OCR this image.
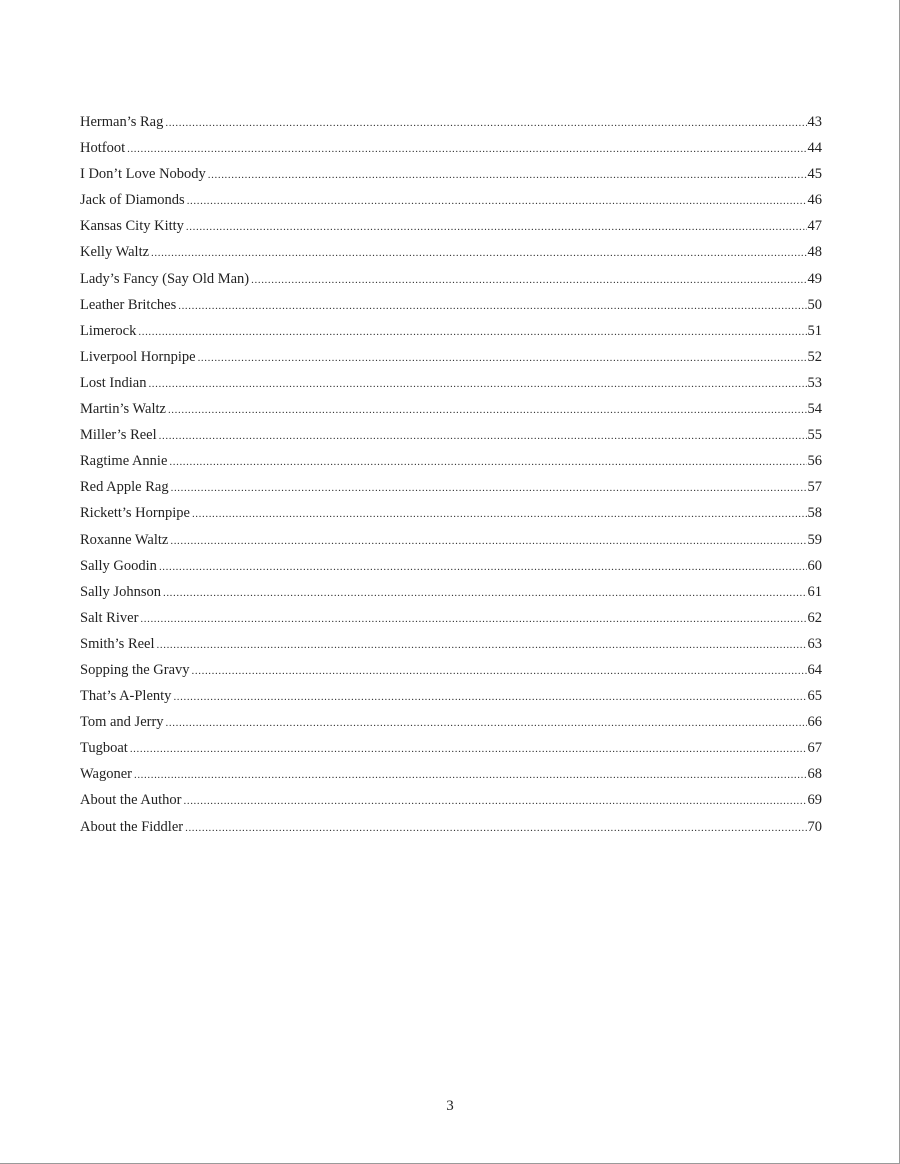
Herman’s Rag .....	43
Hotfoot .....	44
I Don’t Love Nobody .....	45
Jack of Diamonds .....	46
Kansas City Kitty .....	47
Kelly Waltz .....	48
Lady’s Fancy (Say Old Man) .....	49
Leather Britches .....	50
Limerock .....	51
Liverpool Hornpipe .....	52
Lost Indian .....	53
Martin’s Waltz .....	54
Miller’s Reel .....	55
Ragtime Annie .....	56
Red Apple Rag .....	57
Rickett’s Hornpipe .....	58
Roxanne Waltz .....	59
Sally Goodin .....	60
Sally Johnson .....	61
Salt River .....	62
Smith’s Reel .....	63
Sopping the Gravy .....	64
That’s A-Plenty .....	65
Tom and Jerry .....	66
Tugboat .....	67
Wagoner .....	68
About the Author .....	69
About the Fiddler .....	70
3
